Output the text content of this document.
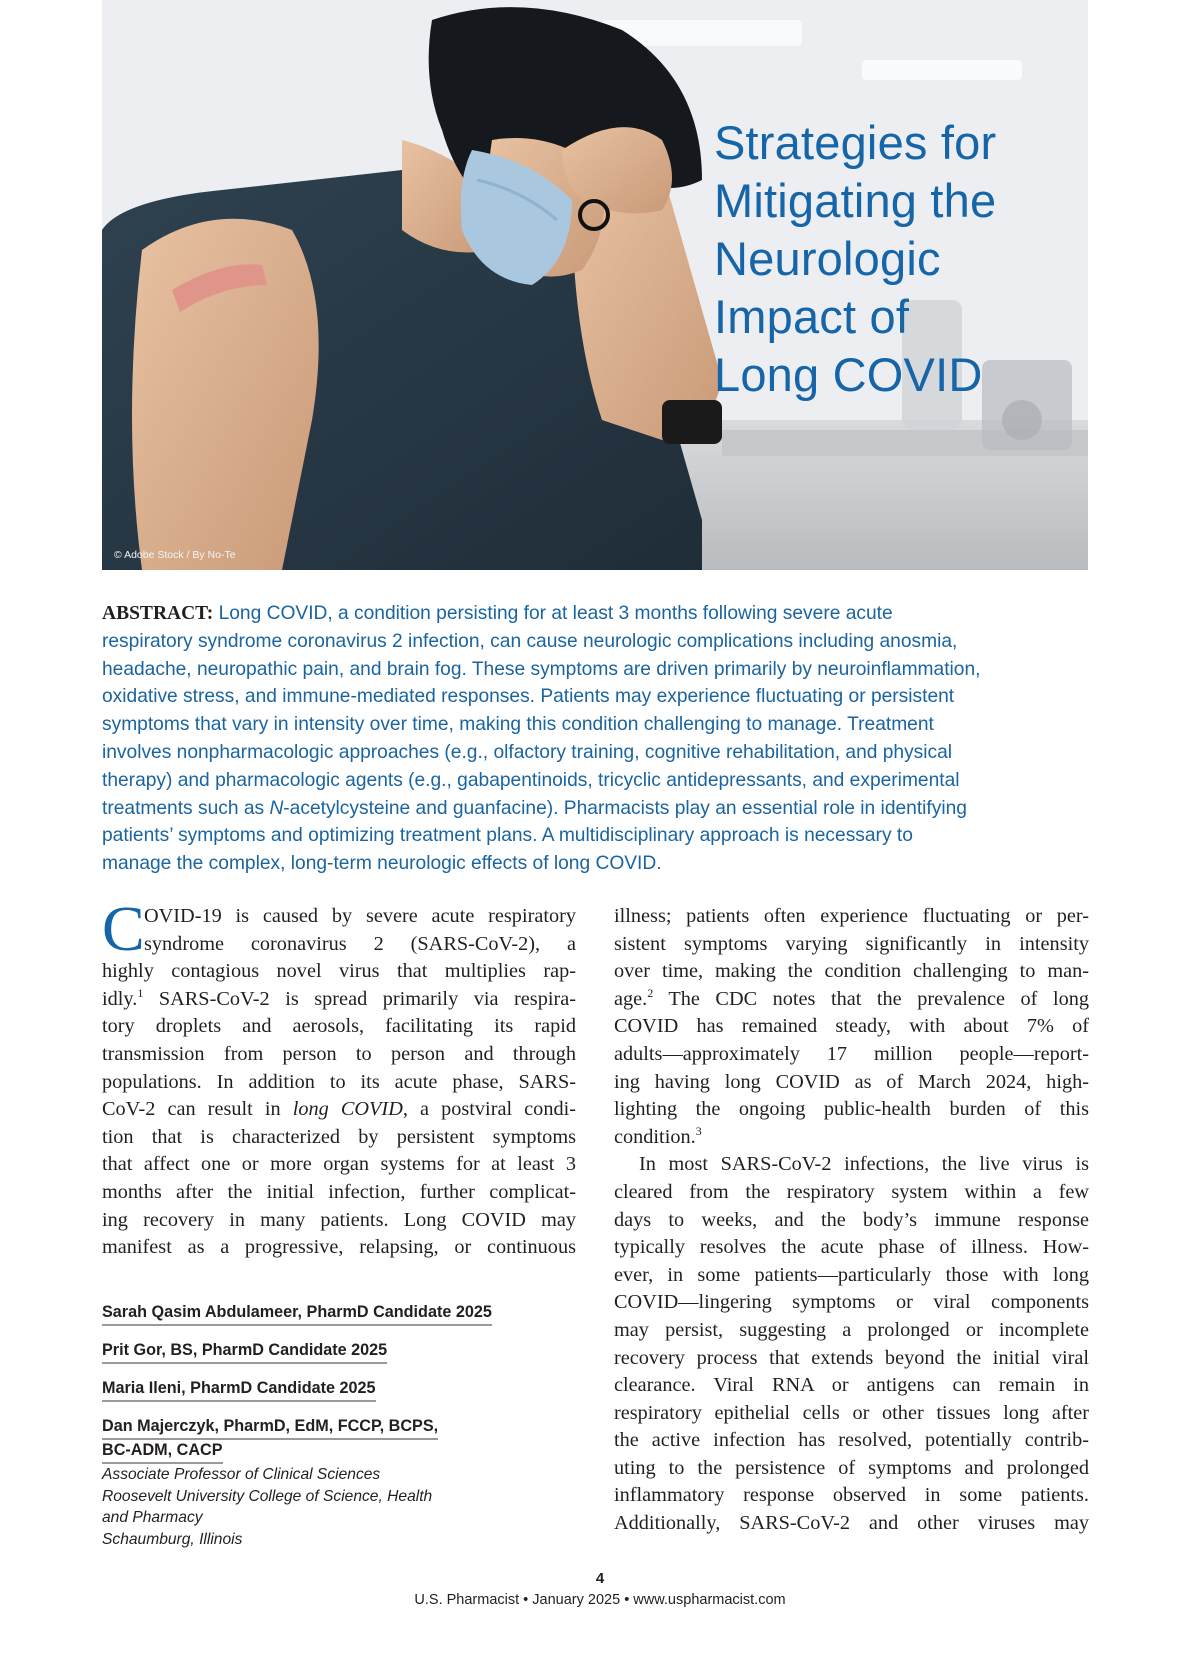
Strategies for
Mitigating the
Neurologic
Impact of
Long COVID
© Adobe Stock / By No-Te
ABSTRACT: Long COVID, a condition persisting for at least 3 months following severe acute
respiratory syndrome coronavirus 2 infection, can cause neurologic complications including anosmia,
headache, neuropathic pain, and brain fog. These symptoms are driven primarily by neuroinflammation,
oxidative stress, and immune-mediated responses. Patients may experience fluctuating or persistent
symptoms that vary in intensity over time, making this condition challenging to manage. Treatment
involves nonpharmacologic approaches (e.g., olfactory training, cognitive rehabilitation, and physical
therapy) and pharmacologic agents (e.g., gabapentinoids, tricyclic antidepressants, and experimental
treatments such as N-acetylcysteine and guanfacine). Pharmacists play an essential role in identifying
patients’ symptoms and optimizing treatment plans. A multidisciplinary approach is necessary to
manage the complex, long-term neurologic effects of long COVID.
C OVID-19 is caused by severe acute respiratory
syndrome coronavirus 2 (SARS-CoV-2), a
highly contagious novel virus that multiplies rap-
idly.$^1$ SARS-CoV-2 is spread primarily via respira-
tory droplets and aerosols, facilitating its rapid
transmission from person to person and through
populations. In addition to its acute phase, SARS-
CoV-2 can result in long COVID, a postviral condi-
tion that is characterized by persistent symptoms
that affect one or more organ systems for at least 3
months after the initial infection, further complicat-
ing recovery in many patients. Long COVID may
manifest as a progressive, relapsing, or continuous
Sarah Qasim Abdulameer, PharmD Candidate 2025
Prit Gor, BS, PharmD Candidate 2025
Maria Ileni, PharmD Candidate 2025
Dan Majerczyk, PharmD, EdM, FCCP, BCPS,
BC-ADM, CACP
Associate Professor of Clinical Sciences
Roosevelt University College of Science, Health
and Pharmacy
Schaumburg, Illinois
illness; patients often experience fluctuating or per-
sistent symptoms varying significantly in intensity
over time, making the condition challenging to man-
age.$^2$ The CDC notes that the prevalence of long
COVID has remained steady, with about 7% of
adults—approximately 17 million people—report-
ing having long COVID as of March 2024, high-
lighting the ongoing public-health burden of this
condition.$^3$
In most SARS-CoV-2 infections, the live virus is
cleared from the respiratory system within a few
days to weeks, and the body’s immune response
typically resolves the acute phase of illness. How-
ever, in some patients—particularly those with long
COVID—lingering symptoms or viral components
may persist, suggesting a prolonged or incomplete
recovery process that extends beyond the initial viral
clearance. Viral RNA or antigens can remain in
respiratory epithelial cells or other tissues long after
the active infection has resolved, potentially contrib-
uting to the persistence of symptoms and prolonged
inflammatory response observed in some patients.
Additionally, SARS-CoV-2 and other viruses may
4
U.S. Pharmacist • January 2025 • www.uspharmacist.com
